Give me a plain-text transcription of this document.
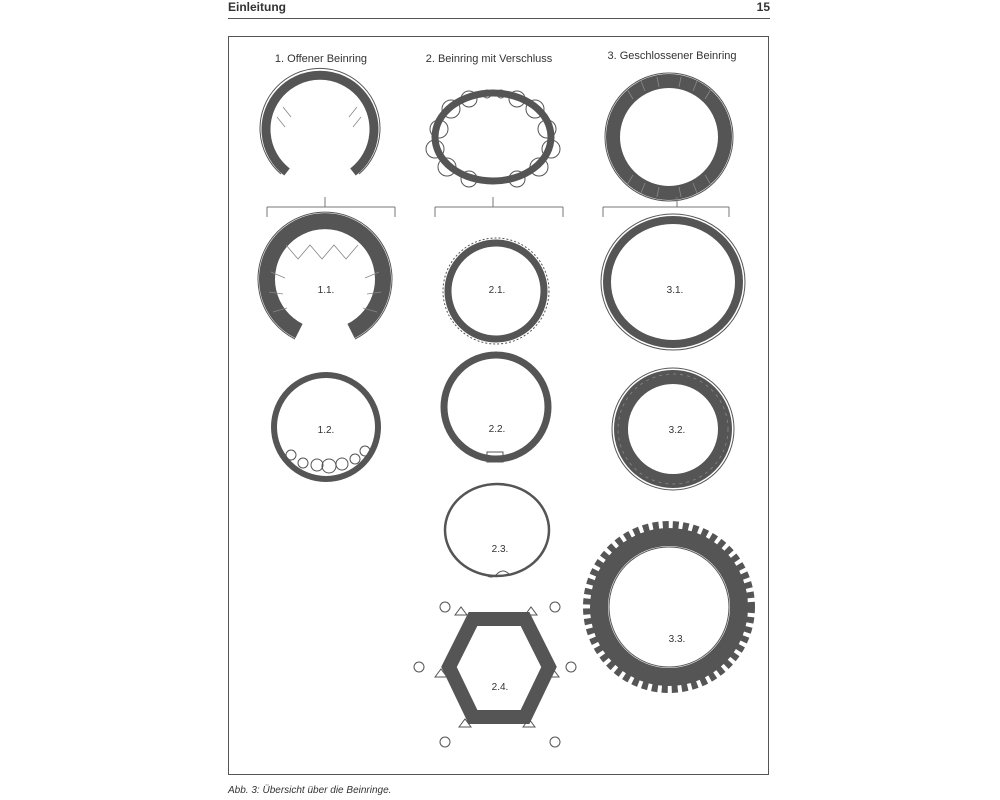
Einleitung	15
1. Offener Beinring	2. Beinring mit Verschluss	3. Geschlossener Beinring
1.1.
1.2.
2.1.
2.2.
2.3.
2.4.
3.1.
3.2.
3.3.
Abb. 3: Übersicht über die Beinringe.
